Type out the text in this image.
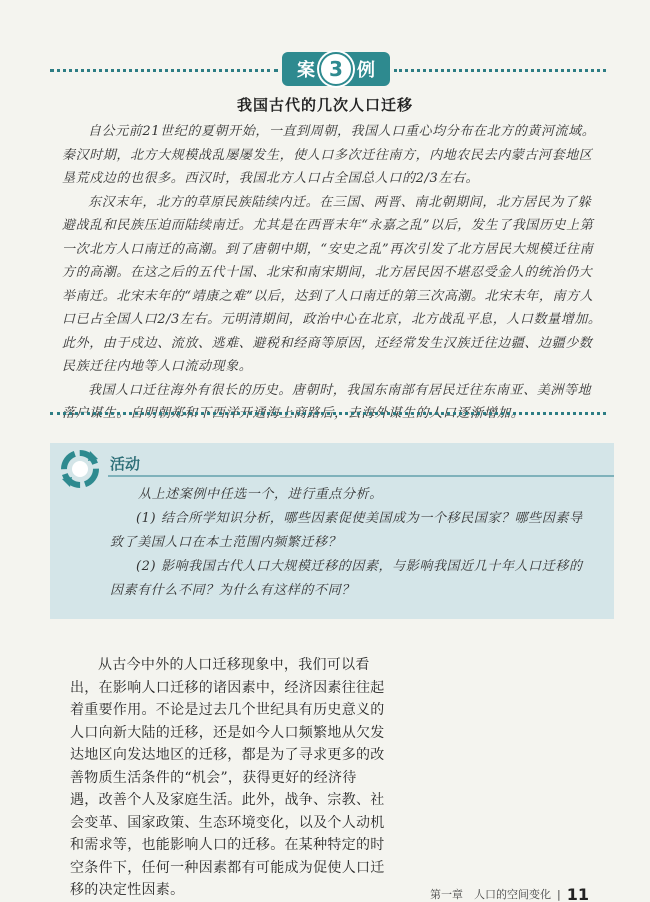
案 3 例
我国古代的几次人口迁移

自公元前21世纪的夏朝开始，一直到周朝，我国人口重心均分布在北方的黄河流域。秦汉时期，北方大规模战乱屡屡发生，使人口多次迁往南方，内地农民去内蒙古河套地区垦荒戍边的也很多。西汉时，我国北方人口占全国总人口的2/3左右。

东汉末年，北方的草原民族陆续内迁。在三国、两晋、南北朝期间，北方居民为了躲避战乱和民族压迫而陆续南迁。尤其是在西晋末年“永嘉之乱”以后，发生了我国历史上第一次北方人口南迁的高潮。到了唐朝中期，“安史之乱”再次引发了北方居民大规模迁往南方的高潮。在这之后的五代十国、北宋和南宋期间，北方居民因不堪忍受金人的统治仍大举南迁。北宋末年的“靖康之难”以后，达到了人口南迁的第三次高潮。北宋末年，南方人口已占全国人口2/3左右。元明清期间，政治中心在北京，北方战乱平息，人口数量增加。此外，由于戍边、流放、逃难、避税和经商等原因，还经常发生汉族迁往边疆、边疆少数民族迁往内地等人口流动现象。

我国人口迁往海外有很长的历史。唐朝时，我国东南部有居民迁往东南亚、美洲等地落户谋生。自明朝郑和下西洋开通海上商路后，去海外谋生的人口逐渐增加。

活动

从上述案例中任选一个，进行重点分析。

(1) 结合所学知识分析，哪些因素促使美国成为一个移民国家？哪些因素导致了美国人口在本土范围内频繁迁移？

(2) 影响我国古代人口大规模迁移的因素，与影响我国近几十年人口迁移的因素有什么不同？为什么有这样的不同？

从古今中外的人口迁移现象中，我们可以看出，在影响人口迁移的诸因素中，经济因素往往起着重要作用。不论是过去几个世纪具有历史意义的人口向新大陆的迁移，还是如今人口频繁地从欠发达地区向发达地区的迁移，都是为了寻求更多的改善物质生活条件的“机会”，获得更好的经济待遇，改善个人及家庭生活。此外，战争、宗教、社会变革、国家政策、生态环境变化，以及个人动机和需求等，也能影响人口的迁移。在某种特定的时空条件下，任何一种因素都有可能成为促使人口迁移的决定性因素。	第一章　人口的空间变化 | 11
